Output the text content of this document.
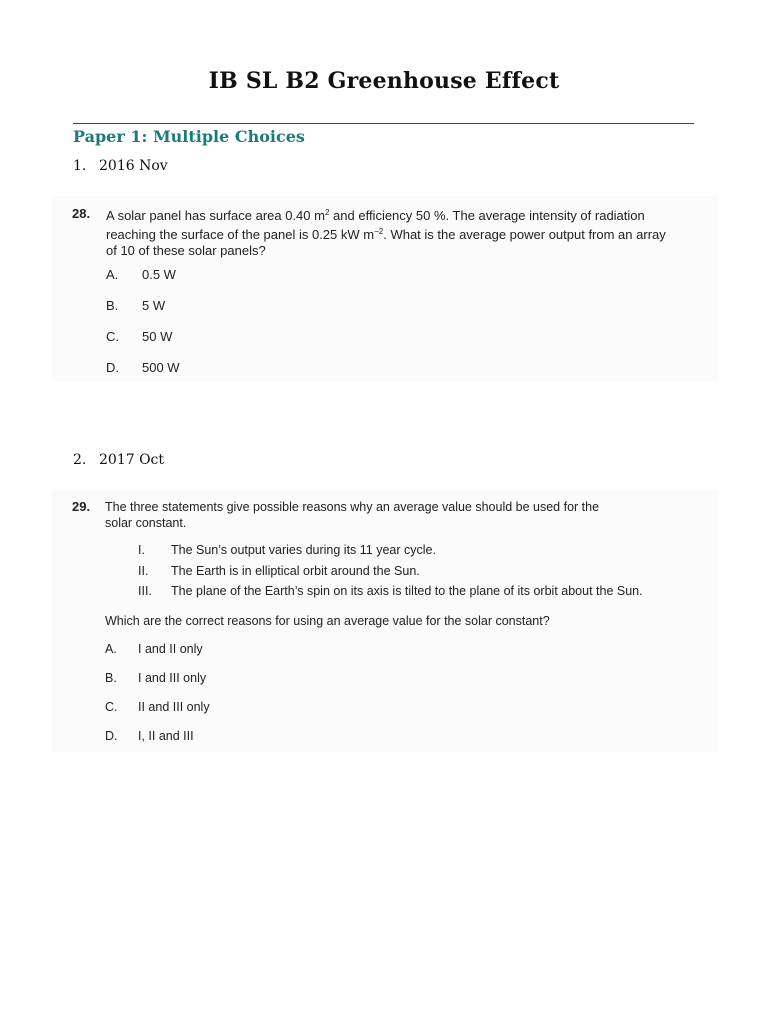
IB SL B2 Greenhouse Effect
Paper 1: Multiple Choices
1. 2016 Nov
28. A solar panel has surface area 0.40 $m^2$ and efficiency 50 %. The average intensity of radiation
reaching the surface of the panel is 0.25 kW $m^{-2}$. What is the average power output from an array
of 10 of these solar panels?
A. 0.5 W
B. 5 W
C. 50 W
D. 500 W
2. 2017 Oct
29. The three statements give possible reasons why an average value should be used for the
solar constant.
I. The Sun’s output varies during its 11 year cycle.
II. The Earth is in elliptical orbit around the Sun.
III. The plane of the Earth’s spin on its axis is tilted to the plane of its orbit about the Sun.
Which are the correct reasons for using an average value for the solar constant?
A. I and II only
B. I and III only
C. II and III only
D. I, II and III
